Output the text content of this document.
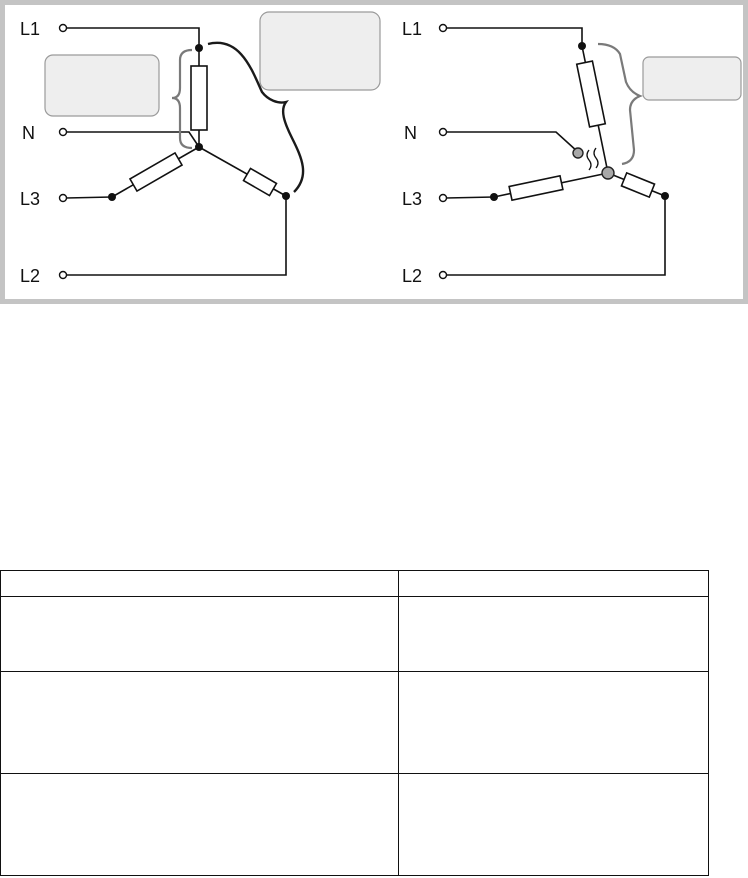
L1
N
L3
L2
L1
N
L3
L2
